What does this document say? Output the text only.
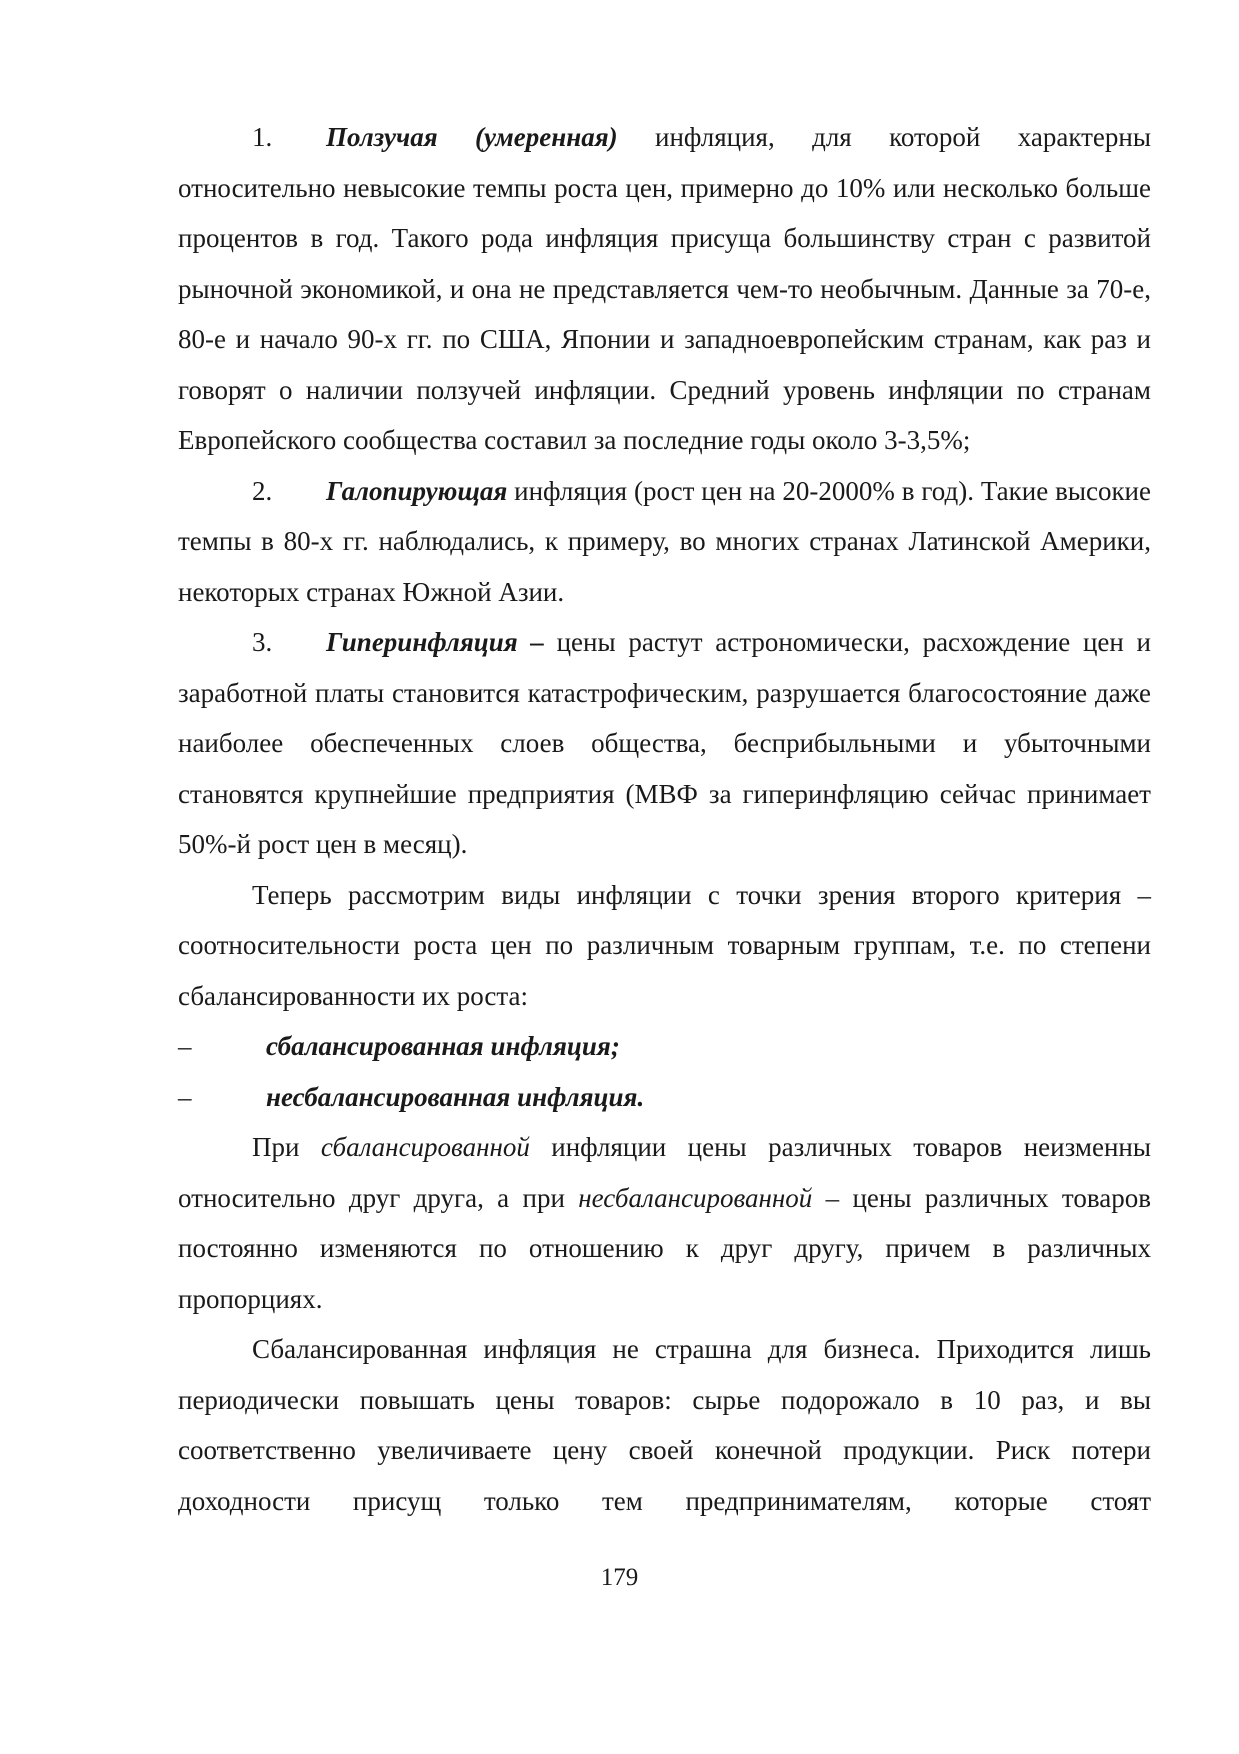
1. Ползучая (умеренная) инфляция, для которой характерны относительно невысокие темпы роста цен, примерно до 10% или несколько больше процентов в год. Такого рода инфляция присуща большинству стран с развитой рыночной экономикой, и она не представляется чем-то необычным. Данные за 70-е, 80-е и начало 90-х гг. по США, Японии и западноевропейским странам, как раз и говорят о наличии ползучей инфляции. Средний уровень инфляции по странам Европейского сообщества составил за последние годы около 3-3,5%;

2. Галопирующая инфляция (рост цен на 20-2000% в год). Такие высокие темпы в 80-х гг. наблюдались, к примеру, во многих странах Латинской Америки, некоторых странах Южной Азии.

3. Гиперинфляция – цены растут астрономически, расхождение цен и заработной платы становится катастрофическим, разрушается благосостояние даже наиболее обеспеченных слоев общества, бесприбыльными и убыточными становятся крупнейшие предприятия (МВФ за гиперинфляцию сейчас принимает 50%-й рост цен в месяц).

Теперь рассмотрим виды инфляции с точки зрения второго критерия – соотносительности роста цен по различным товарным группам, т.е. по степени сбалансированности их роста:

–	сбалансированная инфляция;
–	несбалансированная инфляция.

При сбалансированной инфляции цены различных товаров неизменны относительно друг друга, а при несбалансированной – цены различных товаров постоянно изменяются по отношению к друг другу, причем в различных пропорциях.

Сбалансированная инфляция не страшна для бизнеса. Приходится лишь периодически повышать цены товаров: сырье подорожало в 10 раз, и вы соответственно увеличиваете цену своей конечной продукции. Риск потери доходности присущ только тем предпринимателям, которые стоят

179
